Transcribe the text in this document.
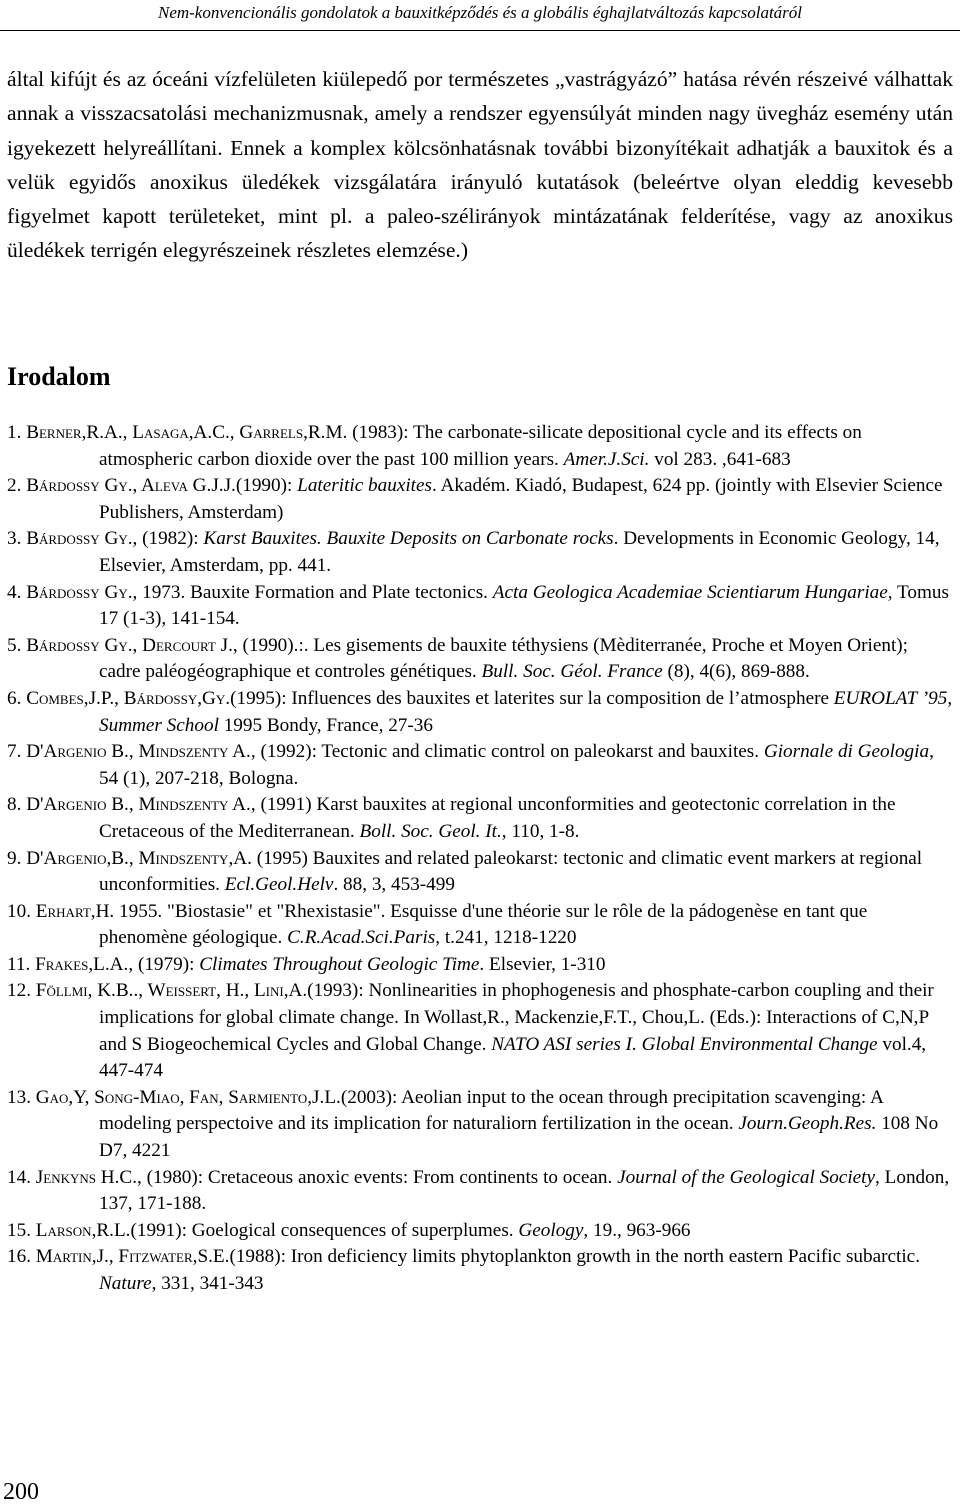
Nem-konvencionális gondolatok a bauxitképződés és a globális éghajlatváltozás kapcsolatáról

által kifújt és az óceáni vízfelületen kiülepedő por természetes „vastrágyázó” hatása révén részeivé válhattak annak a visszacsatolási mechanizmusnak, amely a rendszer egyensúlyát minden nagy üvegház esemény után igyekezett helyreállítani. Ennek a komplex kölcsönhatásnak további bizonyítékait adhatják a bauxitok és a velük egyidős anoxikus üledékek vizsgálatára irányuló kutatások (beleértve olyan eleddig kevesebb figyelmet kapott területeket, mint pl. a paleo-szélirányok mintázatának felderítése, vagy az anoxikus üledékek terrigén elegyrészeinek részletes elemzése.)

Irodalom
1. Berner,R.A., Lasaga,A.C., Garrels,R.M. (1983): The carbonate-silicate depositional cycle and its effects on atmospheric carbon dioxide over the past 100 million years. Amer.J.Sci. vol 283. ,641-683
2. Bárdossy Gy., Aleva G.J.J.(1990): Lateritic bauxites. Akadém. Kiadó, Budapest, 624 pp. (jointly with Elsevier Science Publishers, Amsterdam)
3. Bárdossy Gy., (1982): Karst Bauxites. Bauxite Deposits on Carbonate rocks. Developments in Economic Geology, 14, Elsevier, Amsterdam, pp. 441.
4. Bárdossy Gy., 1973. Bauxite Formation and Plate tectonics. Acta Geologica Academiae Scientiarum Hungariae, Tomus 17 (1-3), 141-154.
5. Bárdossy Gy., Dercourt J., (1990).:. Les gisements de bauxite téthysiens (Mèditerranée, Proche et Moyen Orient); cadre paléogéographique et controles génétiques. Bull. Soc. Géol. France (8), 4(6), 869-888.
6. Combes,J.P., Bárdossy,Gy.(1995): Influences des bauxites et laterites sur la composition de l’atmosphere EUROLAT ’95, Summer School 1995 Bondy, France, 27-36
7. D'Argenio B., Mindszenty A., (1992): Tectonic and climatic control on paleokarst and bauxites. Giornale di Geologia, 54 (1), 207-218, Bologna.
8. D'Argenio B., Mindszenty A., (1991) Karst bauxites at regional unconformities and geotectonic correlation in the Cretaceous of the Mediterranean. Boll. Soc. Geol. It., 110, 1-8.
9. D'Argenio,B., Mindszenty,A. (1995) Bauxites and related paleokarst: tectonic and climatic event markers at regional unconformities. Ecl.Geol.Helv. 88, 3, 453-499
10. Erhart,H. 1955. "Biostasie" et "Rhexistasie". Esquisse d'une théorie sur le rôle de la pádogenèse en tant que phenomène géologique. C.R.Acad.Sci.Paris, t.241, 1218-1220
11. Frakes,L.A., (1979): Climates Throughout Geologic Time. Elsevier, 1-310
12. Föllmi, K.B.., Weissert, H., Lini,A.(1993): Nonlinearities in phophogenesis and phosphate-carbon coupling and their implications for global climate change. In Wollast,R., Mackenzie,F.T., Chou,L. (Eds.): Interactions of C,N,P and S Biogeochemical Cycles and Global Change. NATO ASI series I. Global Environmental Change vol.4, 447-474
13. Gao,Y, Song-Miao, Fan, Sarmiento,J.L.(2003): Aeolian input to the ocean through precipitation scavenging: A modeling perspectoive and its implication for naturaliorn fertilization in the ocean. Journ.Geoph.Res. 108 No D7, 4221
14. Jenkyns H.C., (1980): Cretaceous anoxic events: From continents to ocean. Journal of the Geological Society, London, 137, 171-188.
15. Larson,R.L.(1991): Goelogical consequences of superplumes. Geology, 19., 963-966
16. Martin,J., Fitzwater,S.E.(1988): Iron deficiency limits phytoplankton growth in the north eastern Pacific subarctic. Nature, 331, 341-343
200
